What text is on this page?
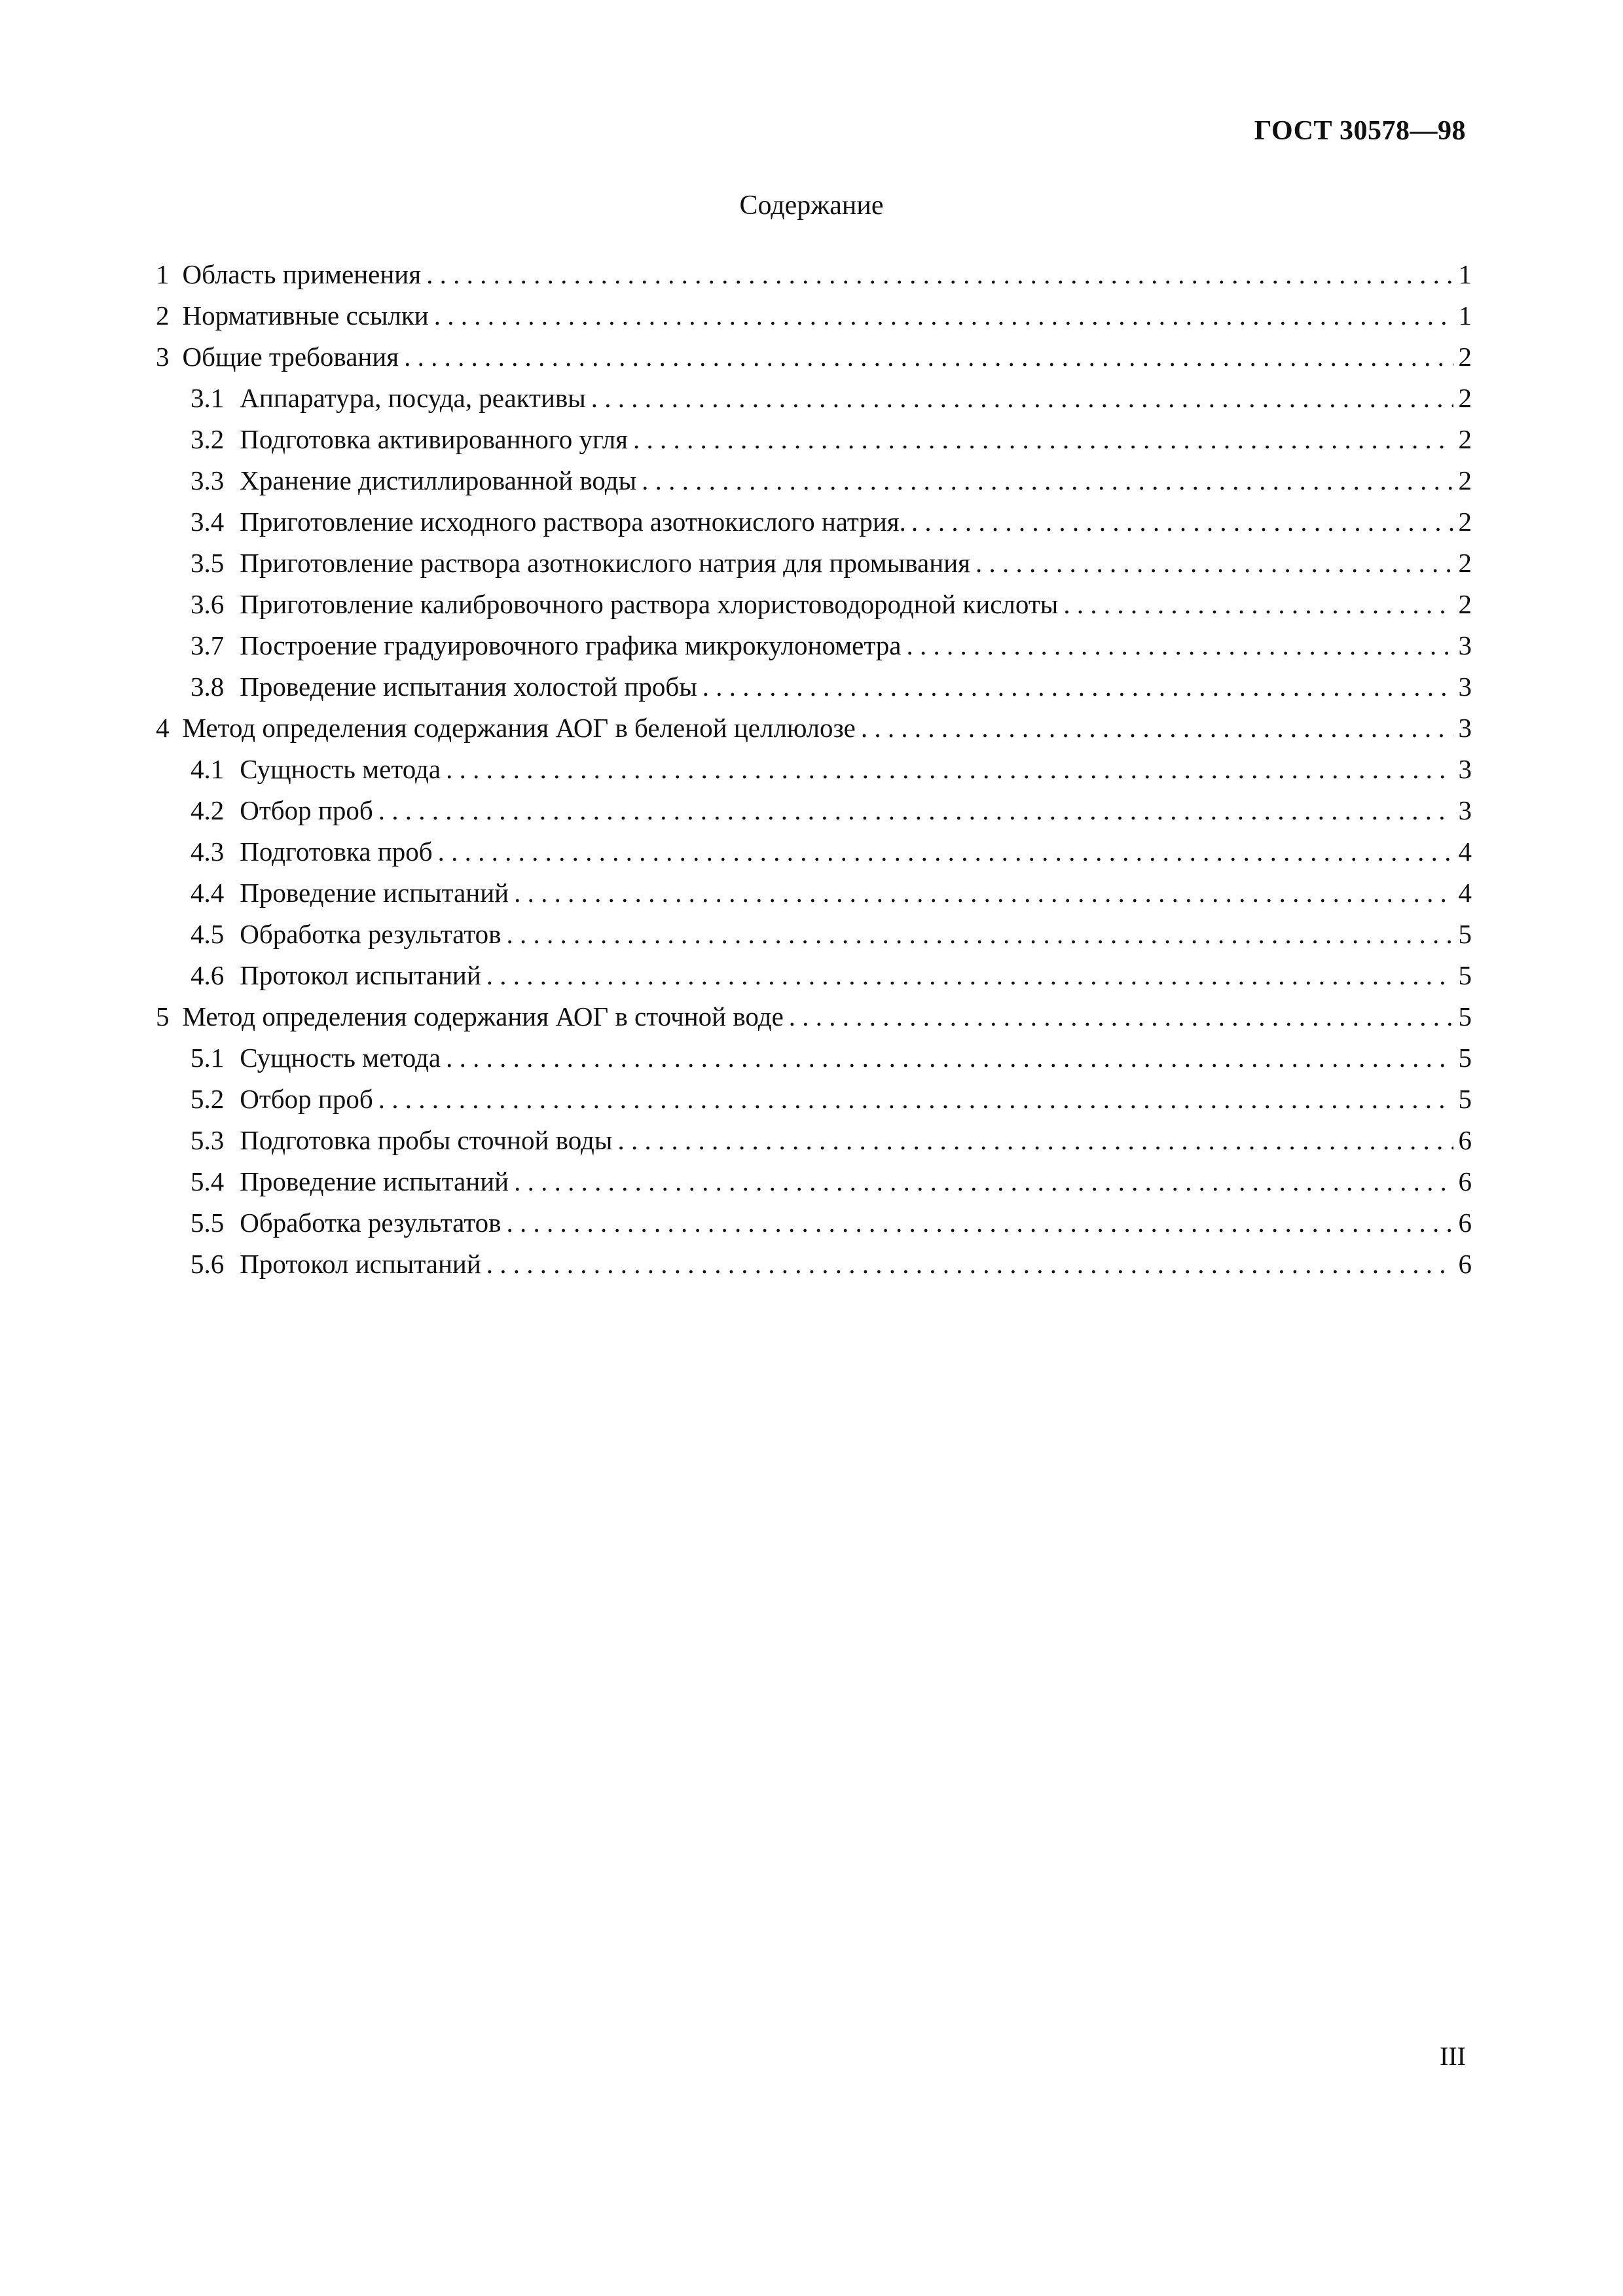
ГОСТ 30578—98
Содержание
1 Область применения . . .	1
2 Нормативные ссылки . . .	1
3 Общие требования . . .	2
3.1 Аппаратура, посуда, реактивы . . .	2
3.2 Подготовка активированного угля . . .	2
3.3 Хранение дистиллированной воды . . .	2
3.4 Приготовление исходного раствора азотнокислого натрия. . . .	2
3.5 Приготовление раствора азотнокислого натрия для промывания . . .	2
3.6 Приготовление калибровочного раствора хлористоводородной кислоты . . .	2
3.7 Построение градуировочного графика микрокулонометра . . .	3
3.8 Проведение испытания холостой пробы . . .	3
4 Метод определения содержания АОГ в беленой целлюлозе . . .	3
4.1 Сущность метода . . .	3
4.2 Отбор проб . . .	3
4.3 Подготовка проб . . .	4
4.4 Проведение испытаний . . .	4
4.5 Обработка результатов . . .	5
4.6 Протокол испытаний . . .	5
5 Метод определения содержания АОГ в сточной воде . . .	5
5.1 Сущность метода . . .	5
5.2 Отбор проб . . .	5
5.3 Подготовка пробы сточной воды . . .	6
5.4 Проведение испытаний . . .	6
5.5 Обработка результатов . . .	6
5.6 Протокол испытаний . . .	6
III
